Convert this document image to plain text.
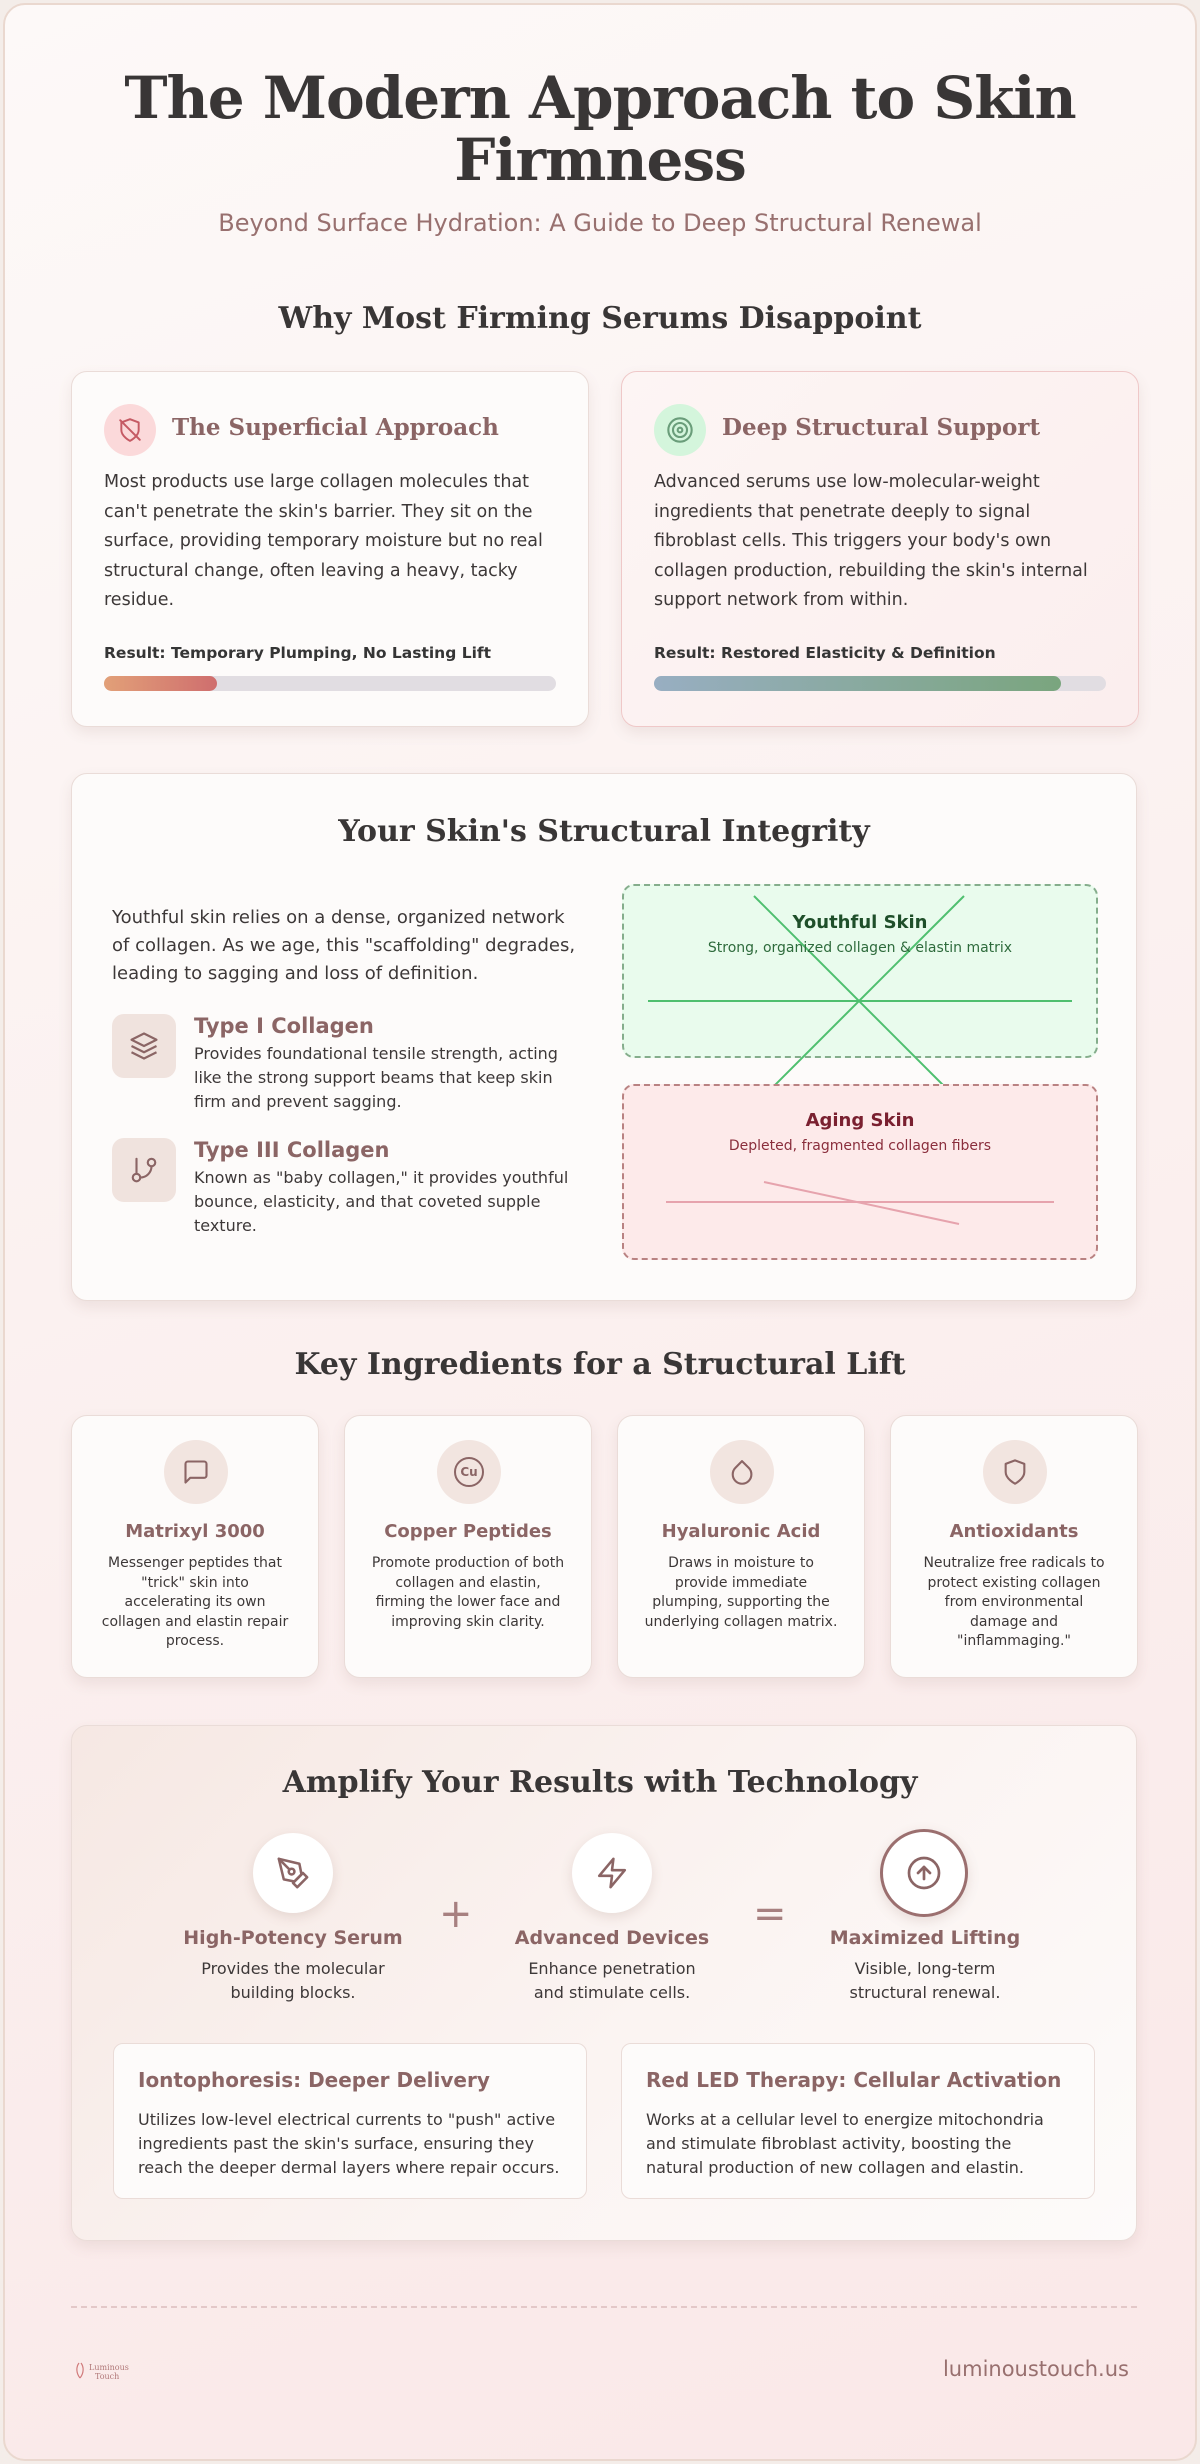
The Modern Approach to Skin Firmness
Beyond Surface Hydration: A Guide to Deep Structural Renewal
Why Most Firming Serums Disappoint
The Superficial Approach
Most products use large collagen molecules that can't penetrate the skin's barrier. They sit on the surface, providing temporary moisture but no real structural change, often leaving a heavy, tacky residue.
Result: Temporary Plumping, No Lasting Lift
Deep Structural Support
Advanced serums use low-molecular-weight ingredients that penetrate deeply to signal fibroblast cells. This triggers your body's own collagen production, rebuilding the skin's internal support network from within.
Result: Restored Elasticity & Definition
Your Skin's Structural Integrity
Youthful skin relies on a dense, organized network of collagen. As we age, this "scaffolding" degrades, leading to sagging and loss of definition.
Type I Collagen
Provides foundational tensile strength, acting like the strong support beams that keep skin firm and prevent sagging.
Type III Collagen
Known as "baby collagen," it provides youthful bounce, elasticity, and that coveted supple texture.
Youthful Skin
Strong, organized collagen & elastin matrix
Aging Skin
Depleted, fragmented collagen fibers
Key Ingredients for a Structural Lift
Matrixyl 3000
Messenger peptides that "trick" skin into accelerating its own collagen and elastin repair process.
Cu
Copper Peptides
Promote production of both collagen and elastin, firming the lower face and improving skin clarity.
Hyaluronic Acid
Draws in moisture to provide immediate plumping, supporting the underlying collagen matrix.
Antioxidants
Neutralize free radicals to protect existing collagen from environmental damage and "inflammaging."
Amplify Your Results with Technology
High-Potency Serum
Provides the molecular building blocks.
+
Advanced Devices
Enhance penetration and stimulate cells.
=
Maximized Lifting
Visible, long-term structural renewal.
Iontophoresis: Deeper Delivery
Utilizes low-level electrical currents to "push" active ingredients past the skin's surface, ensuring they reach the deeper dermal layers where repair occurs.
Red LED Therapy: Cellular Activation
Works at a cellular level to energize mitochondria and stimulate fibroblast activity, boosting the natural production of new collagen and elastin.
Luminous
Touch	luminoustouch.us
